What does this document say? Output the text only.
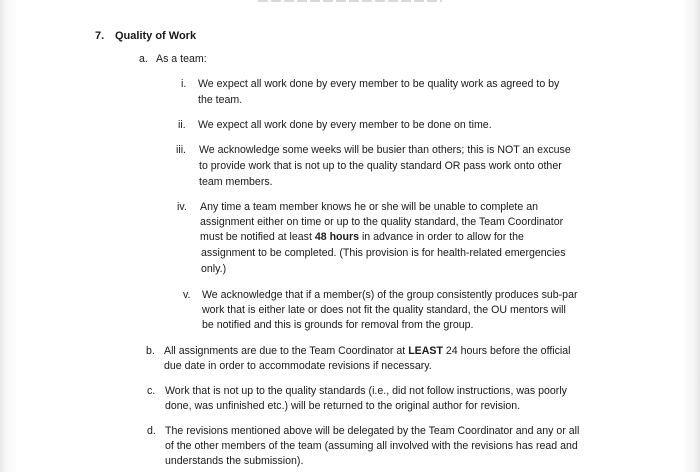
7. Quality of Work
a. As a team:
i. We expect all work done by every member to be quality work as agreed to by
the team.
ii. We expect all work done by every member to be done on time.
iii. We acknowledge some weeks will be busier than others; this is NOT an excuse
to provide work that is not up to the quality standard OR pass work onto other
team members.
iv. Any time a team member knows he or she will be unable to complete an
assignment either on time or up to the quality standard, the Team Coordinator
must be notified at least 48 hours in advance in order to allow for the
assignment to be completed. (This provision is for health-related emergencies
only.)
v. We acknowledge that if a member(s) of the group consistently produces sub-par
work that is either late or does not fit the quality standard, the OU mentors will
be notified and this is grounds for removal from the group.
b. All assignments are due to the Team Coordinator at LEAST 24 hours before the official
due date in order to accommodate revisions if necessary.
c. Work that is not up to the quality standards (i.e., did not follow instructions, was poorly
done, was unfinished etc.) will be returned to the original author for revision.
d. The revisions mentioned above will be delegated by the Team Coordinator and any or all
of the other members of the team (assuming all involved with the revisions has read and
understands the submission).
